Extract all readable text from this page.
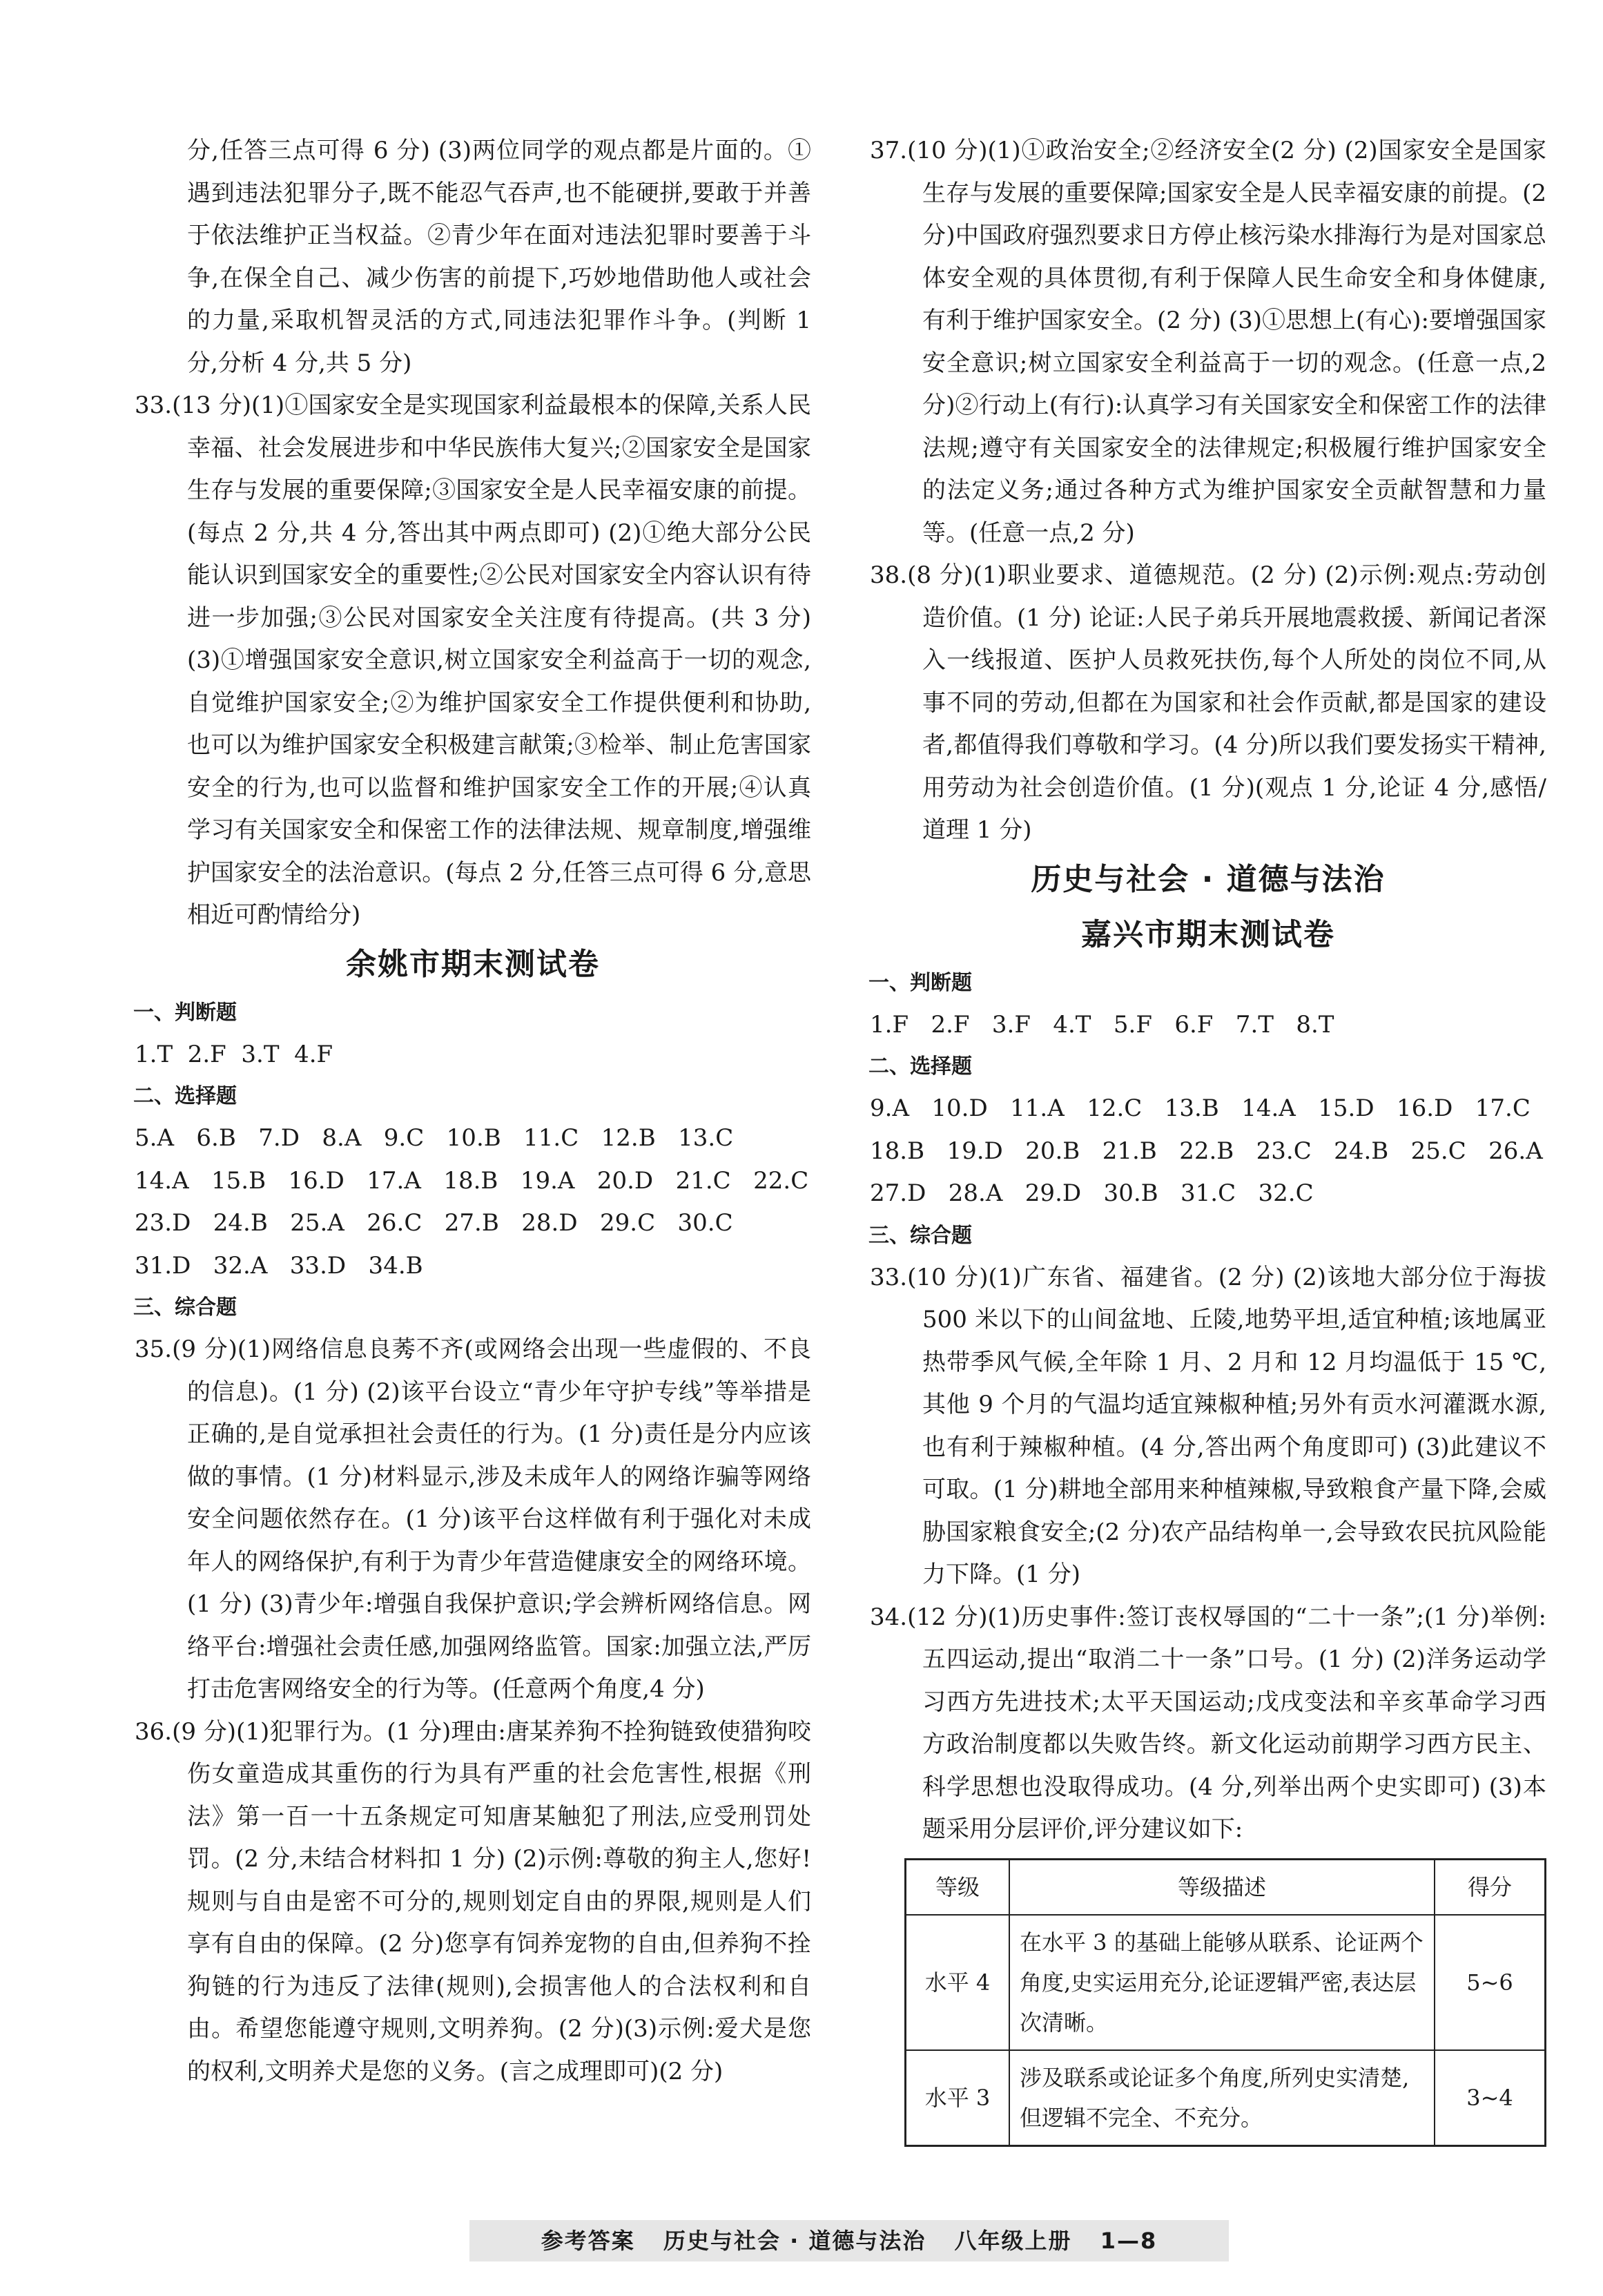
分,任答三点可得 6 分) (3)两位同学的观点都是片面的。①遇到违法犯罪分子,既不能忍气吞声,也不能硬拼,要敢于并善于依法维护正当权益。②青少年在面对违法犯罪时要善于斗争,在保全自己、减少伤害的前提下,巧妙地借助他人或社会的力量,采取机智灵活的方式,同违法犯罪作斗争。(判断 1 分,分析 4 分,共 5 分)
33.(13 分)(1)①国家安全是实现国家利益最根本的保障,关系人民幸福、社会发展进步和中华民族伟大复兴;②国家安全是国家生存与发展的重要保障;③国家安全是人民幸福安康的前提。(每点 2 分,共 4 分,答出其中两点即可) (2)①绝大部分公民能认识到国家安全的重要性;②公民对国家安全内容认识有待进一步加强;③公民对国家安全关注度有待提高。(共 3 分) (3)①增强国家安全意识,树立国家安全利益高于一切的观念,自觉维护国家安全;②为维护国家安全工作提供便利和协助,也可以为维护国家安全积极建言献策;③检举、制止危害国家安全的行为,也可以监督和维护国家安全工作的开展;④认真学习有关国家安全和保密工作的法律法规、规章制度,增强维护国家安全的法治意识。(每点 2 分,任答三点可得 6 分,意思相近可酌情给分)
余姚市期末测试卷
一、判断题
1.T  2.F  3.T  4.F
二、选择题
5.A   6.B   7.D   8.A   9.C   10.B   11.C   12.B   13.C
14.A   15.B   16.D   17.A   18.B   19.A   20.D   21.C   22.C
23.D   24.B   25.A   26.C   27.B   28.D   29.C   30.C
31.D   32.A   33.D   34.B
三、综合题
35.(9 分)(1)网络信息良莠不齐(或网络会出现一些虚假的、不良的信息)。(1 分) (2)该平台设立“青少年守护专线”等举措是正确的,是自觉承担社会责任的行为。(1 分)责任是分内应该做的事情。(1 分)材料显示,涉及未成年人的网络诈骗等网络安全问题依然存在。(1 分)该平台这样做有利于强化对未成年人的网络保护,有利于为青少年营造健康安全的网络环境。(1 分) (3)青少年:增强自我保护意识;学会辨析网络信息。网络平台:增强社会责任感,加强网络监管。国家:加强立法,严厉打击危害网络安全的行为等。(任意两个角度,4 分)
36.(9 分)(1)犯罪行为。(1 分)理由:唐某养狗不拴狗链致使猎狗咬伤女童造成其重伤的行为具有严重的社会危害性,根据《刑法》第一百一十五条规定可知唐某触犯了刑法,应受刑罚处罚。(2 分,未结合材料扣 1 分) (2)示例:尊敬的狗主人,您好!规则与自由是密不可分的,规则划定自由的界限,规则是人们享有自由的保障。(2 分)您享有饲养宠物的自由,但养狗不拴狗链的行为违反了法律(规则),会损害他人的合法权利和自由。希望您能遵守规则,文明养狗。(2 分)(3)示例:爱犬是您的权利,文明养犬是您的义务。(言之成理即可)(2 分)
37.(10 分)(1)①政治安全;②经济安全(2 分) (2)国家安全是国家生存与发展的重要保障;国家安全是人民幸福安康的前提。(2 分)中国政府强烈要求日方停止核污染水排海行为是对国家总体安全观的具体贯彻,有利于保障人民生命安全和身体健康,有利于维护国家安全。(2 分) (3)①思想上(有心):要增强国家安全意识;树立国家安全利益高于一切的观念。(任意一点,2 分)②行动上(有行):认真学习有关国家安全和保密工作的法律法规;遵守有关国家安全的法律规定;积极履行维护国家安全的法定义务;通过各种方式为维护国家安全贡献智慧和力量等。(任意一点,2 分)
38.(8 分)(1)职业要求、道德规范。(2 分) (2)示例:观点:劳动创造价值。(1 分) 论证:人民子弟兵开展地震救援、新闻记者深入一线报道、医护人员救死扶伤,每个人所处的岗位不同,从事不同的劳动,但都在为国家和社会作贡献,都是国家的建设者,都值得我们尊敬和学习。(4 分)所以我们要发扬实干精神,用劳动为社会创造价值。(1 分)(观点 1 分,论证 4 分,感悟/道理 1 分)
历史与社会 · 道德与法治
嘉兴市期末测试卷
一、判断题
1.F   2.F   3.F   4.T   5.F   6.F   7.T   8.T
二、选择题
9.A   10.D   11.A   12.C   13.B   14.A   15.D   16.D   17.C
18.B   19.D   20.B   21.B   22.B   23.C   24.B   25.C   26.A
27.D   28.A   29.D   30.B   31.C   32.C
三、综合题
33.(10 分)(1)广东省、福建省。(2 分) (2)该地大部分位于海拔 500 米以下的山间盆地、丘陵,地势平坦,适宜种植;该地属亚热带季风气候,全年除 1 月、2 月和 12 月均温低于 15 ℃,其他 9 个月的气温均适宜辣椒种植;另外有贡水河灌溉水源,也有利于辣椒种植。(4 分,答出两个角度即可) (3)此建议不可取。(1 分)耕地全部用来种植辣椒,导致粮食产量下降,会威胁国家粮食安全;(2 分)农产品结构单一,会导致农民抗风险能力下降。(1 分)
34.(12 分)(1)历史事件:签订丧权辱国的“二十一条”;(1 分)举例:五四运动,提出“取消二十一条”口号。(1 分) (2)洋务运动学习西方先进技术;太平天国运动;戊戌变法和辛亥革命学习西方政治制度都以失败告终。新文化运动前期学习西方民主、科学思想也没取得成功。(4 分,列举出两个史实即可) (3)本题采用分层评价,评分建议如下:
等级	等级描述	得分
水平 4	在水平 3 的基础上能够从联系、论证两个角度,史实运用充分,论证逻辑严密,表达层次清晰。	5~6
水平 3	涉及联系或论证多个角度,所列史实清楚,但逻辑不完全、不充分。	3~4
参考答案 历史与社会 · 道德与法治 八年级上册 1—8
